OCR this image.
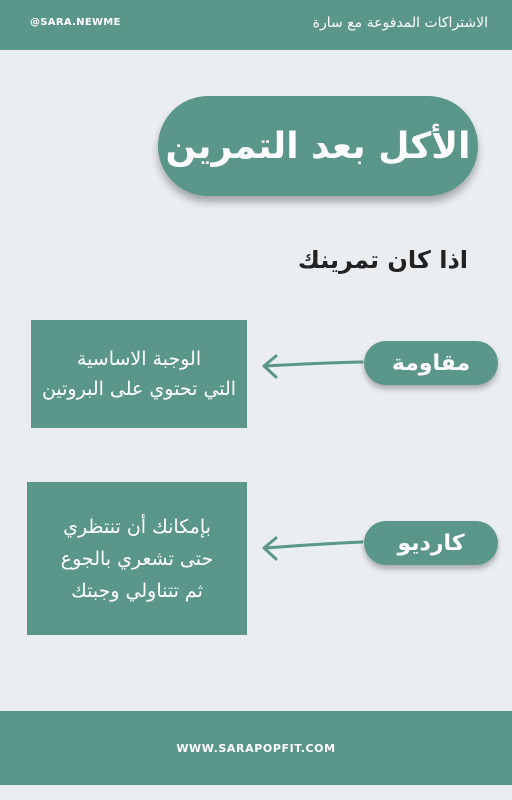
@SARA.NEWME	الاشتراكات المدفوعة مع سارة
الأكل بعد التمرين
اذا كان تمرينك
الوجبة الاساسية
التي تحتوي على البروتين
مقاومة
بإمكانك أن تنتظري
حتى تشعري بالجوع
ثم تتناولي وجبتك
كارديو
WWW.SARAPOPFIT.COM
